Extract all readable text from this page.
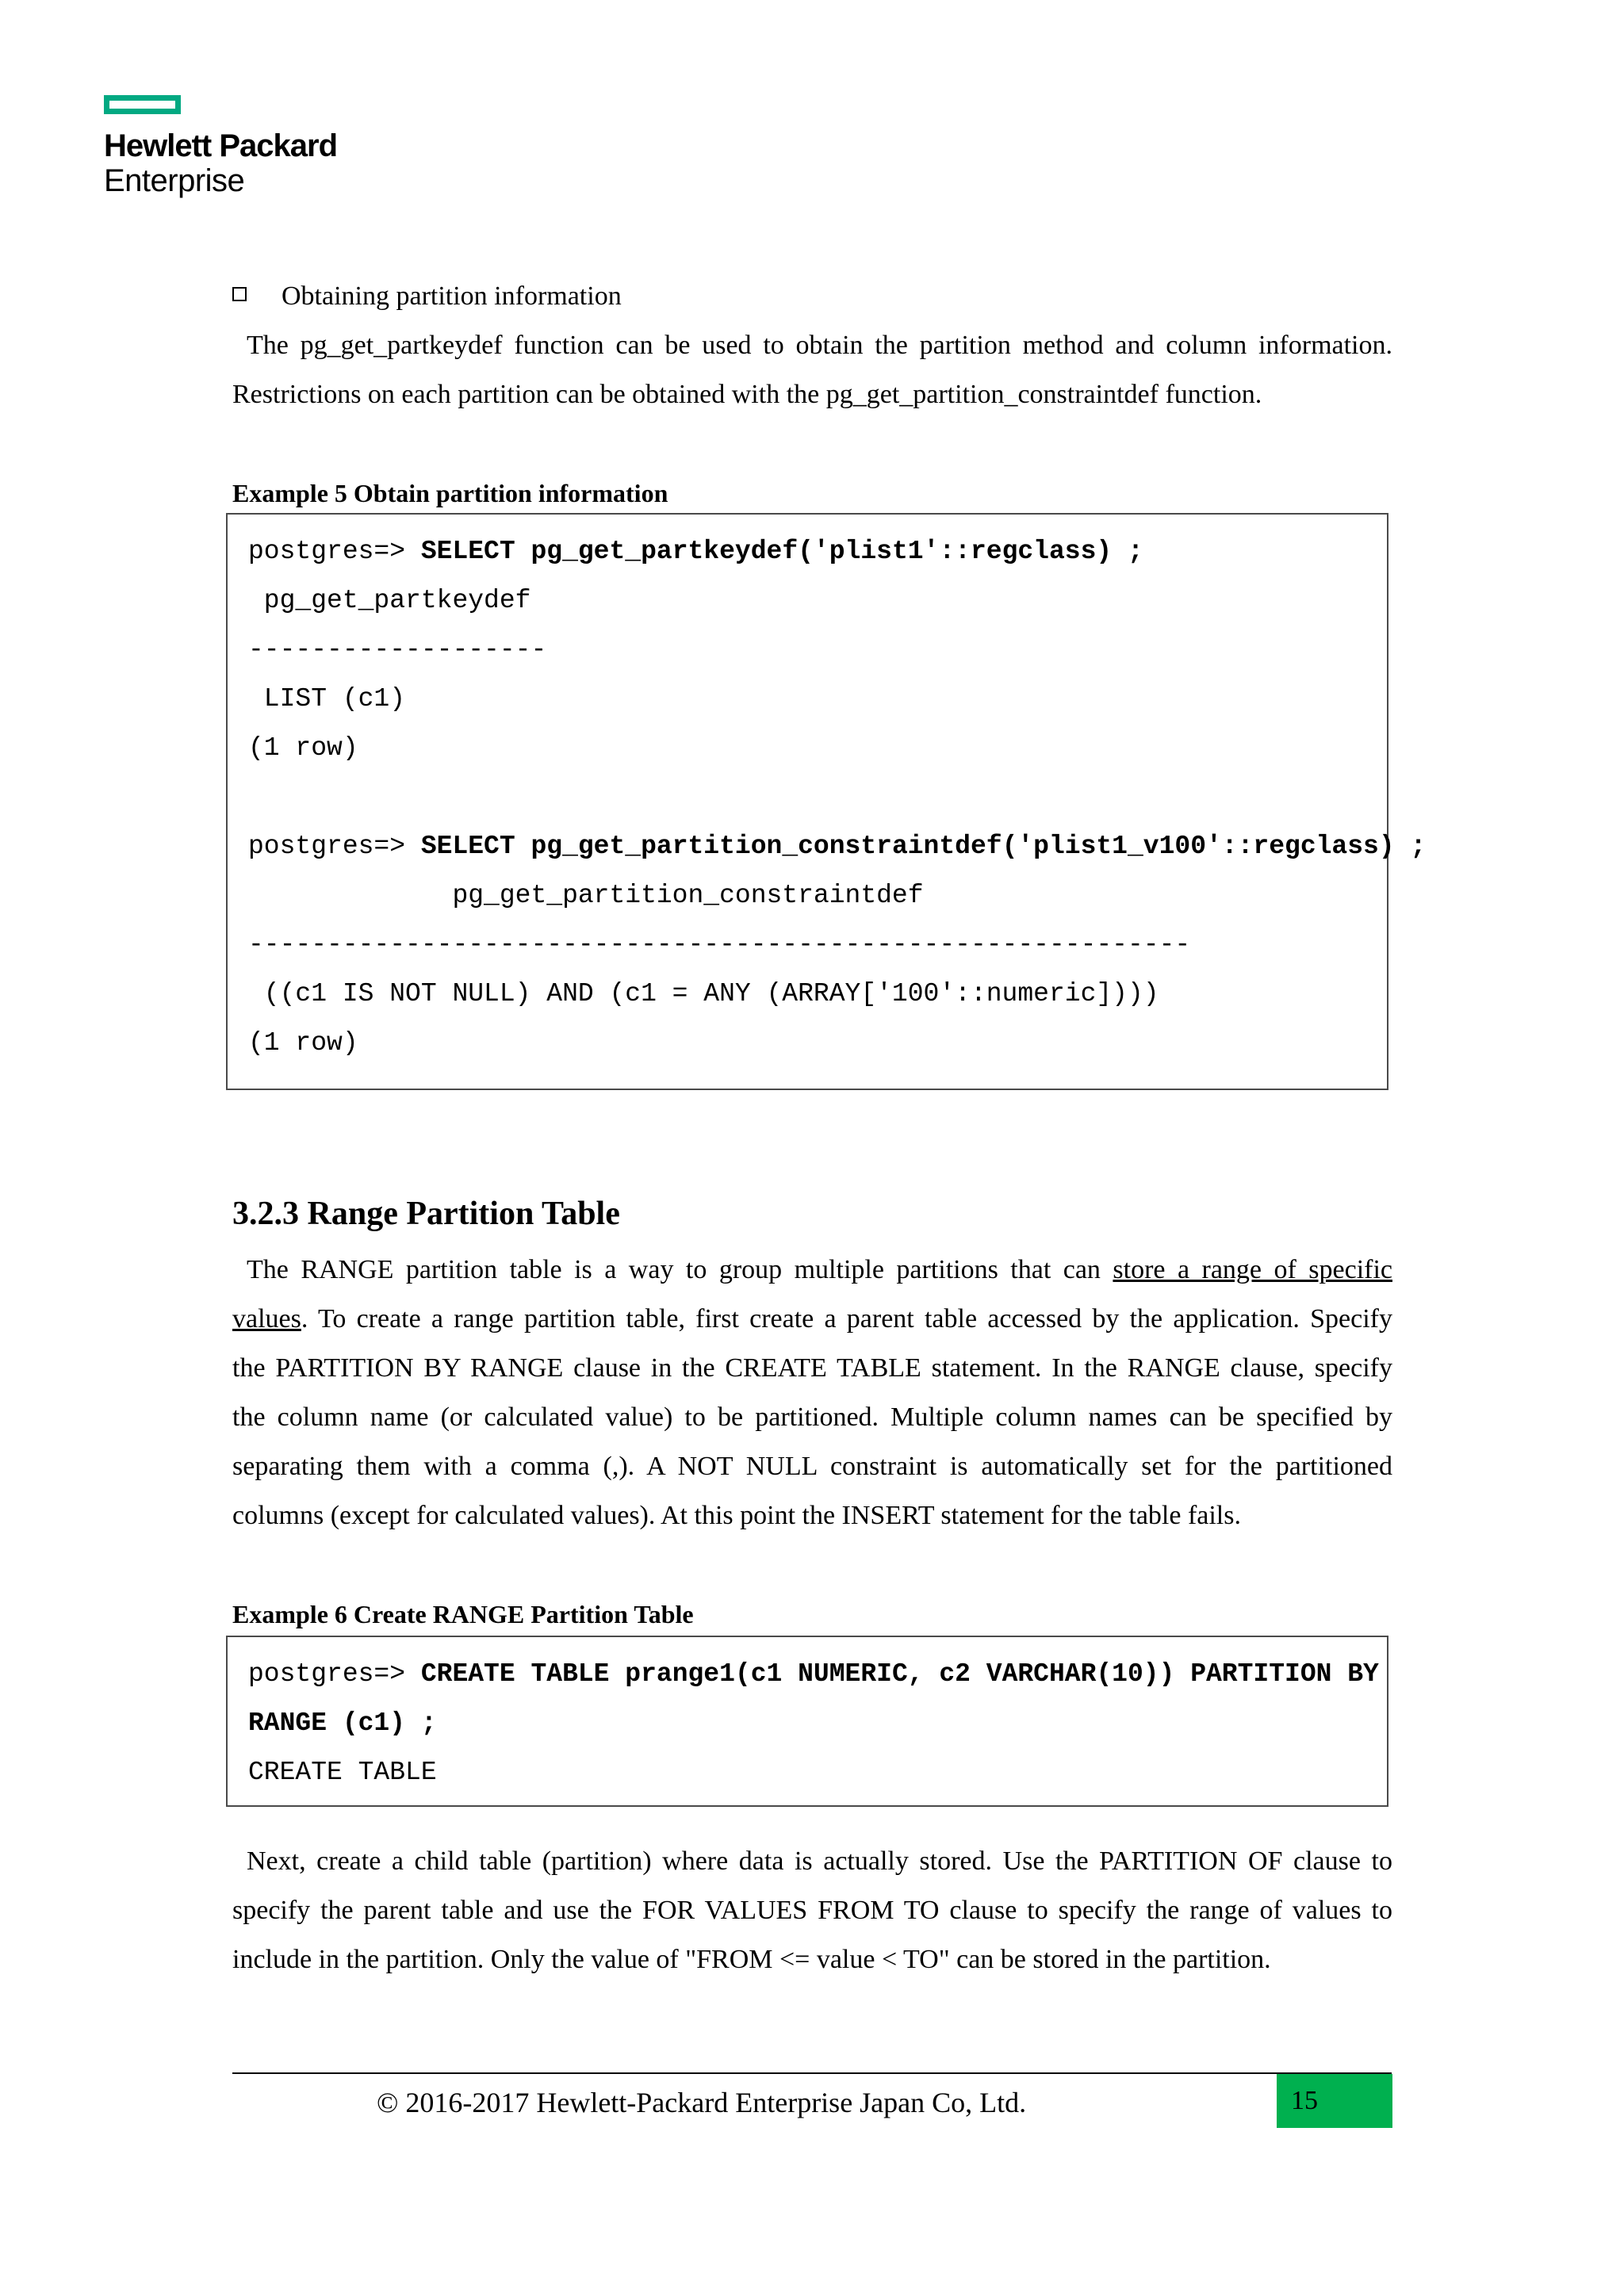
Hewlett Packard
Enterprise
Obtaining partition information
The pg_get_partkeydef function can be used to obtain the partition method and column information.
Restrictions on each partition can be obtained with the pg_get_partition_constraintdef function.
Example 5 Obtain partition information
postgres=> SELECT pg_get_partkeydef('plist1'::regclass) ;
pg_get_partkeydef
-------------------
LIST (c1)
(1 row)
postgres=> SELECT pg_get_partition_constraintdef('plist1_v100'::regclass) ;
pg_get_partition_constraintdef
------------------------------------------------------------
((c1 IS NOT NULL) AND (c1 = ANY (ARRAY['100'::numeric])))
(1 row)
3.2.3 Range Partition Table
The RANGE partition table is a way to group multiple partitions that can store a range of specific
values. To create a range partition table, first create a parent table accessed by the application. Specify
the PARTITION BY RANGE clause in the CREATE TABLE statement. In the RANGE clause, specify
the column name (or calculated value) to be partitioned. Multiple column names can be specified by
separating them with a comma (,). A NOT NULL constraint is automatically set for the partitioned
columns (except for calculated values). At this point the INSERT statement for the table fails.
Example 6 Create RANGE Partition Table
postgres=> CREATE TABLE prange1(c1 NUMERIC, c2 VARCHAR(10)) PARTITION BY
RANGE (c1) ;
CREATE TABLE
Next, create a child table (partition) where data is actually stored. Use the PARTITION OF clause to
specify the parent table and use the FOR VALUES FROM TO clause to specify the range of values to
include in the partition. Only the value of "FROM <= value < TO" can be stored in the partition.
© 2016-2017 Hewlett-Packard Enterprise Japan Co, Ltd.	15
